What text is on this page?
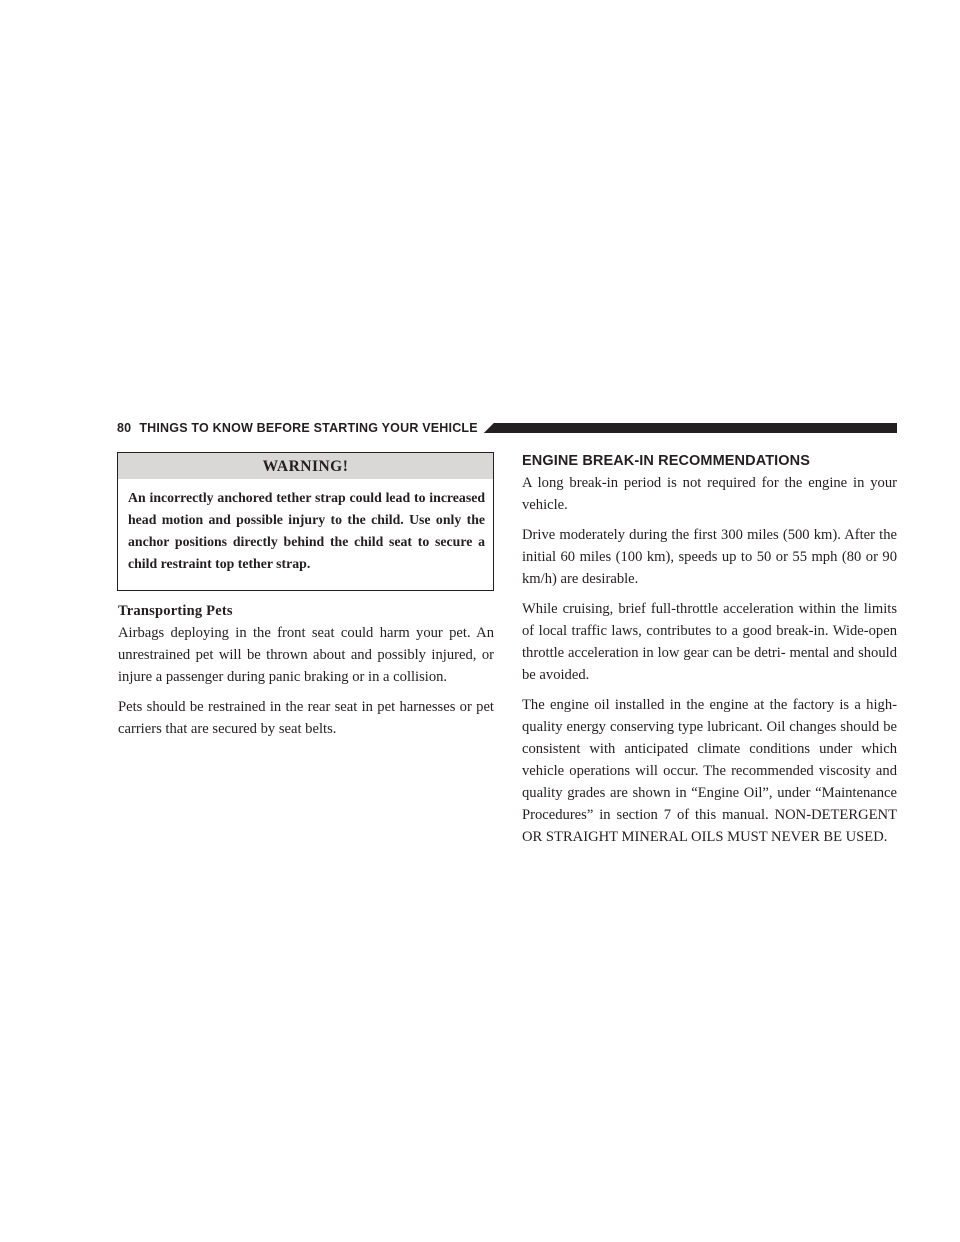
80 THINGS TO KNOW BEFORE STARTING YOUR VEHICLE
WARNING!
An incorrectly anchored tether strap could lead to increased head motion and possible injury to the child. Use only the anchor positions directly behind the child seat to secure a child restraint top tether strap.
Transporting Pets

Airbags deploying in the front seat could harm your pet. An unrestrained pet will be thrown about and possibly injured, or injure a passenger during panic braking or in a collision.

Pets should be restrained in the rear seat in pet harnesses or pet carriers that are secured by seat belts.

ENGINE BREAK-IN RECOMMENDATIONS

A long break-in period is not required for the engine in your vehicle.

Drive moderately during the first 300 miles (500 km). After the initial 60 miles (100 km), speeds up to 50 or 55 mph (80 or 90 km/h) are desirable.

While cruising, brief full-throttle acceleration within the limits of local traffic laws, contributes to a good break-in. Wide-open throttle acceleration in low gear can be detri- mental and should be avoided.

The engine oil installed in the engine at the factory is a high-quality energy conserving type lubricant. Oil changes should be consistent with anticipated climate conditions under which vehicle operations will occur. The recommended viscosity and quality grades are shown in “Engine Oil”, under “Maintenance Procedures” in section 7 of this manual. NON-DETERGENT OR STRAIGHT MINERAL OILS MUST NEVER BE USED.
